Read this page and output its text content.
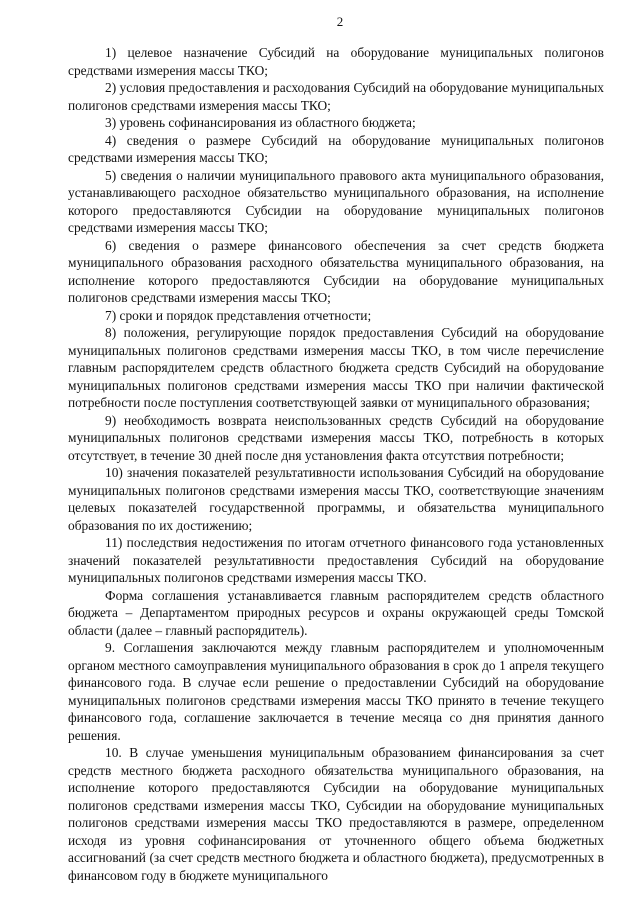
2

1) целевое назначение Субсидий на оборудование муниципальных полигонов средствами измерения массы ТКО;

2) условия предоставления и расходования Субсидий на оборудование муниципальных полигонов средствами измерения массы ТКО;

3) уровень софинансирования из областного бюджета;

4) сведения о размере Субсидий на оборудование муниципальных полигонов средствами измерения массы ТКО;

5) сведения о наличии муниципального правового акта муниципального образования, устанавливающего расходное обязательство муниципального образования, на исполнение которого предоставляются Субсидии на оборудование муниципальных полигонов средствами измерения массы ТКО;

6) сведения о размере финансового обеспечения за счет средств бюджета муниципального образования расходного обязательства муниципального образования, на исполнение которого предоставляются Субсидии на оборудование муниципальных полигонов средствами измерения массы ТКО;

7) сроки и порядок представления отчетности;

8) положения, регулирующие порядок предоставления Субсидий на оборудование муниципальных полигонов средствами измерения массы ТКО, в том числе перечисление главным распорядителем средств областного бюджета средств Субсидий на оборудование муниципальных полигонов средствами измерения массы ТКО при наличии фактической потребности после поступления соответствующей заявки от муниципального образования;

9) необходимость возврата неиспользованных средств Субсидий на оборудование муниципальных полигонов средствами измерения массы ТКО, потребность в которых отсутствует, в течение 30 дней после дня установления факта отсутствия потребности;

10) значения показателей результативности использования Субсидий на оборудование муниципальных полигонов средствами измерения массы ТКО, соответствующие значениям целевых показателей государственной программы, и обязательства муниципального образования по их достижению;

11) последствия недостижения по итогам отчетного финансового года установленных значений показателей результативности предоставления Субсидий на оборудование муниципальных полигонов средствами измерения массы ТКО.

Форма соглашения устанавливается главным распорядителем средств областного бюджета – Департаментом природных ресурсов и охраны окружающей среды Томской области (далее – главный распорядитель).

9. Соглашения заключаются между главным распорядителем и уполномоченным органом местного самоуправления муниципального образования в срок до 1 апреля текущего финансового года. В случае если решение о предоставлении Субсидий на оборудование муниципальных полигонов средствами измерения массы ТКО принято в течение текущего финансового года, соглашение заключается в течение месяца со дня принятия данного решения.

10. В случае уменьшения муниципальным образованием финансирования за счет средств местного бюджета расходного обязательства муниципального образования, на исполнение которого предоставляются Субсидии на оборудование муниципальных полигонов средствами измерения массы ТКО, Субсидии на оборудование муниципальных полигонов средствами измерения массы ТКО предоставляются в размере, определенном исходя из уровня софинансирования от уточненного общего объема бюджетных ассигнований (за счет средств местного бюджета и областного бюджета), предусмотренных в финансовом году в бюджете муниципального
